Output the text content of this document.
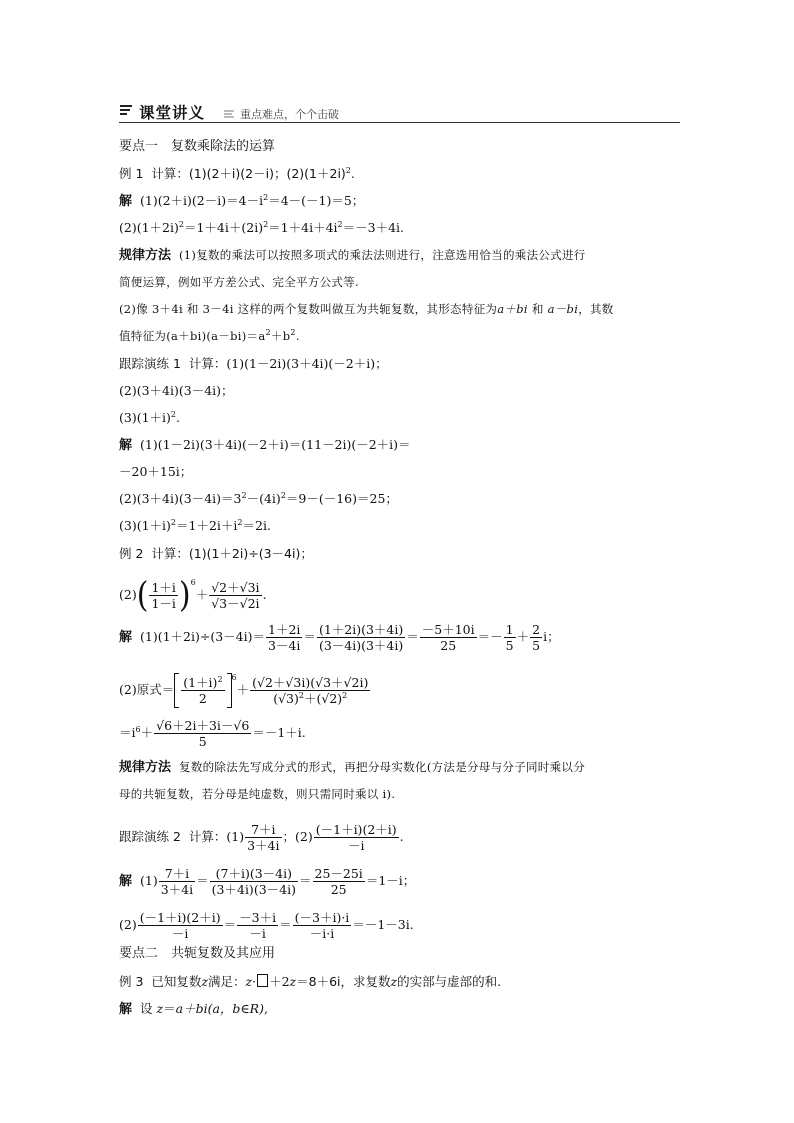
课堂讲义	重点难点，个个击破
要点一　复数乘除法的运算
例 1 计算：(1)(2＋i)(2－i)；$(2)(1+2i)^2$.
解 $(1)(2+i)(2-i)=4-i^2=4-(-1)=5$；
$(2)(1+2i)^2=1+4i+(2i)^2=1+4i+4i^2=-3+4i$.
规律方法 (1)复数的乘法可以按照多项式的乘法法则进行，注意选用恰当的乘法公式进行
简便运算，例如平方差公式、完全平方公式等.
(2)像 3＋4i 和 3－4i 这样的两个复数叫做互为共轭复数，其形态特征为a＋bi 和 a－bi，其数
值特征为$(a+bi)(a-bi)=a^2+b^2$.
跟踪演练 1 计算：(1)(1－2i)(3＋4i)(－2＋i)；
(2)(3＋4i)(3－4i)；
$(3)(1+i)^2$.
解 (1)(1－2i)(3＋4i)(－2＋i)＝(11－2i)(－2＋i)＝
－20＋15i；
$(2)(3+4i)(3-4i)=3^2-(4i)^2=9-(-16)=25$；
$(3)(1+i)^2=1+2i+i^2=2i$.
例 2 计算：(1)(1＋2i)÷(3－4i)；
$(2)( \frac{1+i}{1-i} )^6+ \frac{√2+√3i}{√3-√2i}$ .
解 $(1)(1+2i)\div(3-4i)= \frac{1+2i}{3-4i} = \frac{(1+2i)(3+4i)}{(3-4i)(3+4i)} = \frac{-5+10i}{25} =- \frac{1}{5} + \frac{2}{5}$ i；
(2)原式＝ $\frac{(1+i)^2}{2} ^6+ \frac{(√2+√3i)(√3+√2i)}{(√3)^2+(√2)^2}$
$=i^6+ \frac{√6+2i+3i-√6}{5} =-1+i$.
规律方法 复数的除法先写成分式的形式，再把分母实数化(方法是分母与分子同时乘以分
母的共轭复数，若分母是纯虚数，则只需同时乘以 i).
跟踪演练 2 计算：$(1) \frac{7+i}{3+4i}$ ；$(2) \frac{(-1+i)(2+i)}{-i}$ .
解 $(1) \frac{7+i}{3+4i} = \frac{(7+i)(3-4i)}{(3+4i)(3-4i)} = \frac{25-25i}{25} =1-i$；
$(2) \frac{(-1+i)(2+i)}{-i} = \frac{-3+i}{-i} = \frac{(-3+i)\cdot i}{-i\cdot i} =-1-3i$.
要点二　共轭复数及其应用
例 3 已知复数z满足：z· ＋2z＝8＋6i，求复数z的实部与虚部的和.
解 设 z＝a＋bi(a，b∈R),
